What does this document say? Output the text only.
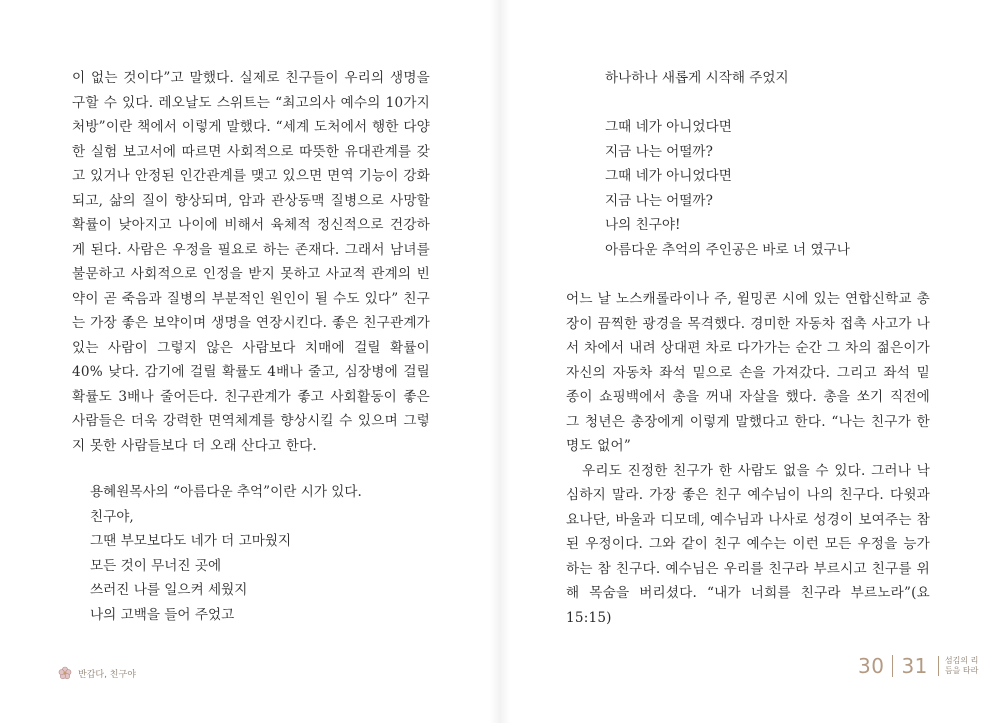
이 없는 것이다”고 말했다. 실제로 친구들이 우리의 생명을 구할 수 있다. 레오날도 스위트는 “최고의사 예수의 10가지 처방”이란 책에서 이렇게 말했다. “세계 도처에서 행한 다양한 실험 보고서에 따르면 사회적으로 따뜻한 유대관계를 갖고 있거나 안정된 인간관계를 맺고 있으면 면역 기능이 강화되고, 삶의 질이 향상되며, 암과 관상동맥 질병으로 사망할 확률이 낮아지고 나이에 비해서 육체적 정신적으로 건강하게 된다. 사람은 우정을 필요로 하는 존재다. 그래서 남녀를 불문하고 사회적으로 인정을 받지 못하고 사교적 관계의 빈약이 곧 죽음과 질병의 부분적인 원인이 될 수도 있다” 친구는 가장 좋은 보약이며 생명을 연장시킨다. 좋은 친구관계가 있는 사람이 그렇지 않은 사람보다 치매에 걸릴 확률이 40% 낮다. 감기에 걸릴 확률도 4배나 줄고, 심장병에 걸릴 확률도 3배나 줄어든다. 친구관계가 좋고 사회활동이 좋은 사람들은 더욱 강력한 면역체계를 향상시킬 수 있으며 그렇지 못한 사람들보다 더 오래 산다고 한다.

용혜원목사의 “아름다운 추억”이란 시가 있다.
친구야,
그땐 부모보다도 네가 더 고마웠지
모든 것이 무너진 곳에
쓰러진 나를 일으켜 세웠지
나의 고백을 들어 주었고
반갑다, 친구야
하나하나 새롭게 시작해 주었지
그때 네가 아니었다면
지금 나는 어떨까?
그때 네가 아니었다면
지금 나는 어떨까?
나의 친구야!
아름다운 추억의 주인공은 바로 너 였구나

어느 날 노스캐롤라이나 주, 윌밍콘 시에 있는 연합신학교 총장이 끔찍한 광경을 목격했다. 경미한 자동차 접촉 사고가 나서 차에서 내려 상대편 차로 다가가는 순간 그 차의 젊은이가 자신의 자동차 좌석 밑으로 손을 가져갔다. 그리고 좌석 밑 종이 쇼핑백에서 총을 꺼내 자살을 했다. 총을 쏘기 직전에 그 청년은 총장에게 이렇게 말했다고 한다. “나는 친구가 한 명도 없어”

우리도 진정한 친구가 한 사람도 없을 수 있다. 그러나 낙심하지 말라. 가장 좋은 친구 예수님이 나의 친구다. 다윗과 요나단, 바울과 디모데, 예수님과 나사로 성경이 보여주는 참된 우정이다. 그와 같이 친구 예수는 이런 모든 우정을 능가하는 참 친구다. 예수님은 우리를 친구라 부르시고 친구를 위해 목숨을 버리셨다. “내가 너희를 친구라 부르노라”(요 15:15)

30 31	섬김의 리듬을 타라
